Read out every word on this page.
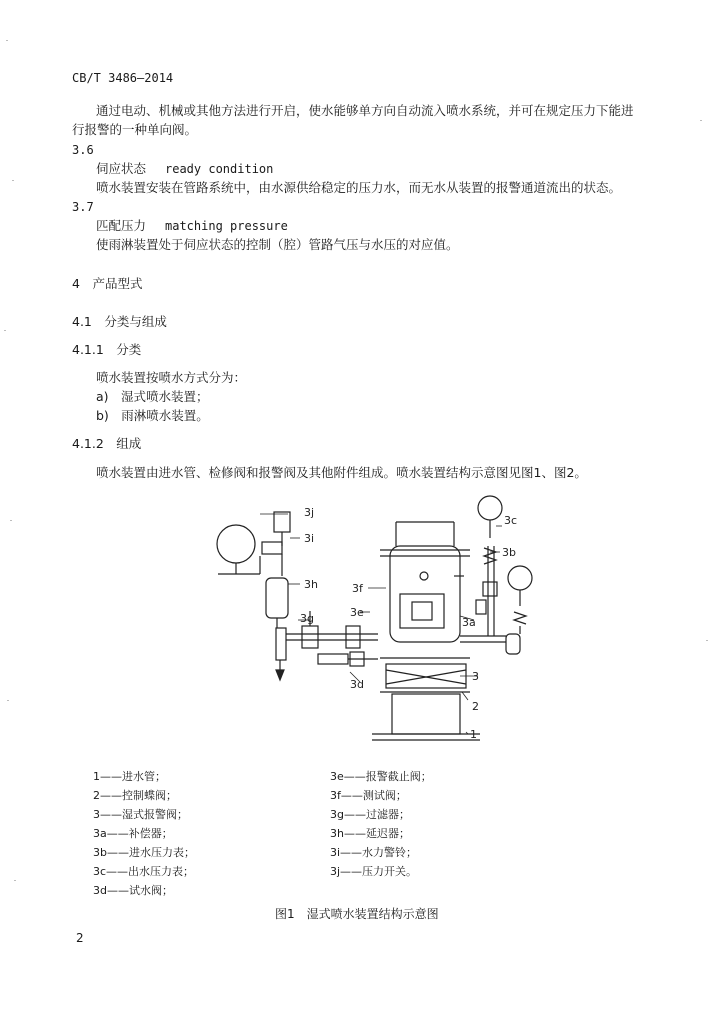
CB/T 3486—2014
通过电动、机械或其他方法进行开启，使水能够单方向自动流入喷水系统，并可在规定压力下能进
行报警的一种单向阀。
3.6
伺应状态 ready condition
喷水装置安装在管路系统中，由水源供给稳定的压力水，而无水从装置的报警通道流出的状态。
3.7
匹配压力 matching pressure
使雨淋装置处于伺应状态的控制（腔）管路气压与水压的对应值。
4　产品型式
4.1　分类与组成
4.1.1　分类
喷水装置按喷水方式分为：
a)　湿式喷水装置；
b)　雨淋喷水装置。
4.1.2　组成
喷水装置由进水管、检修阀和报警阀及其他附件组成。喷水装置结构示意图见图1、图2。
3j
3i
3h
3g
3f
3e
3c
3b
3a
3
3d
1
2
1——进水管；
2——控制蝶阀；
3——湿式报警阀；
3a——补偿器；
3b——进水压力表；
3c——出水压力表；
3d——试水阀；
3e——报警截止阀；
3f——测试阀；
3g——过滤器；
3h——延迟器；
3i——水力警铃；
3j——压力开关。
图1　湿式喷水装置结构示意图
2
